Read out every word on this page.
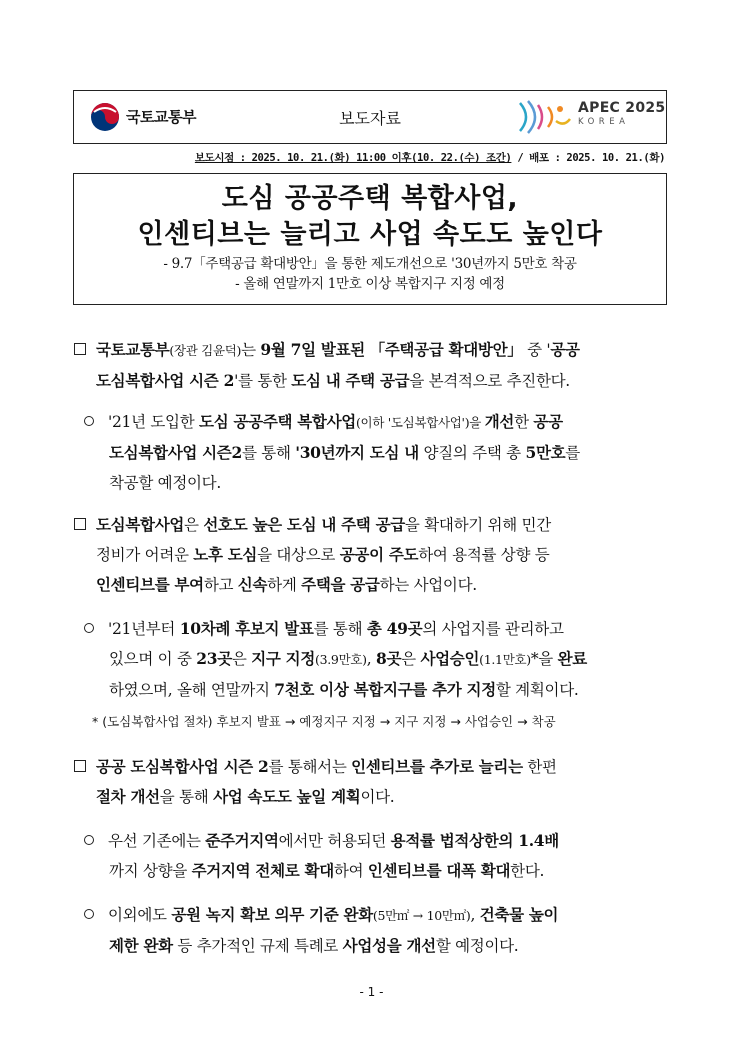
국토교통부	보도자료
APEC 2025
KOREA
보도시점 : 2025. 10. 21.(화) 11:00 이후(10. 22.(수) 조간) / 배포 : 2025. 10. 21.(화)
도심 공공주택 복합사업,
인센티브는 늘리고 사업 속도도 높인다
- 9.7「주택공급 확대방안」을 통한 제도개선으로 '30년까지 5만호 착공
- 올해 연말까지 1만호 이상 복합지구 지정 예정
국토교통부(장관 김윤덕)는 9월 7일 발표된 「주택공급 확대방안」 중 '공공
도심복합사업 시즌 2'를 통한 도심 내 주택 공급을 본격적으로 추진한다.
'21년 도입한 도심 공공주택 복합사업(이하 '도심복합사업')을 개선한 공공
도심복합사업 시즌2를 통해 '30년까지 도심 내 양질의 주택 총 5만호를
착공할 예정이다.
도심복합사업은 선호도 높은 도심 내 주택 공급을 확대하기 위해 민간
정비가 어려운 노후 도심을 대상으로 공공이 주도하여 용적률 상향 등
인센티브를 부여하고 신속하게 주택을 공급하는 사업이다.
'21년부터 10차례 후보지 발표를 통해 총 49곳의 사업지를 관리하고
있으며 이 중 23곳은 지구 지정(3.9만호), 8곳은 사업승인(1.1만호)*을 완료
하였으며, 올해 연말까지 7천호 이상 복합지구를 추가 지정할 계획이다.
* (도심복합사업 절차) 후보지 발표 → 예정지구 지정 → 지구 지정 → 사업승인 → 착공
공공 도심복합사업 시즌 2를 통해서는 인센티브를 추가로 늘리는 한편
절차 개선을 통해 사업 속도도 높일 계획이다.
우선 기존에는 준주거지역에서만 허용되던 용적률 법적상한의 1.4배
까지 상향을 주거지역 전체로 확대하여 인센티브를 대폭 확대한다.
이외에도 공원 녹지 확보 의무 기준 완화(5만㎡ → 10만㎡), 건축물 높이
제한 완화 등 추가적인 규제 특례로 사업성을 개선할 예정이다.
- 1 -
